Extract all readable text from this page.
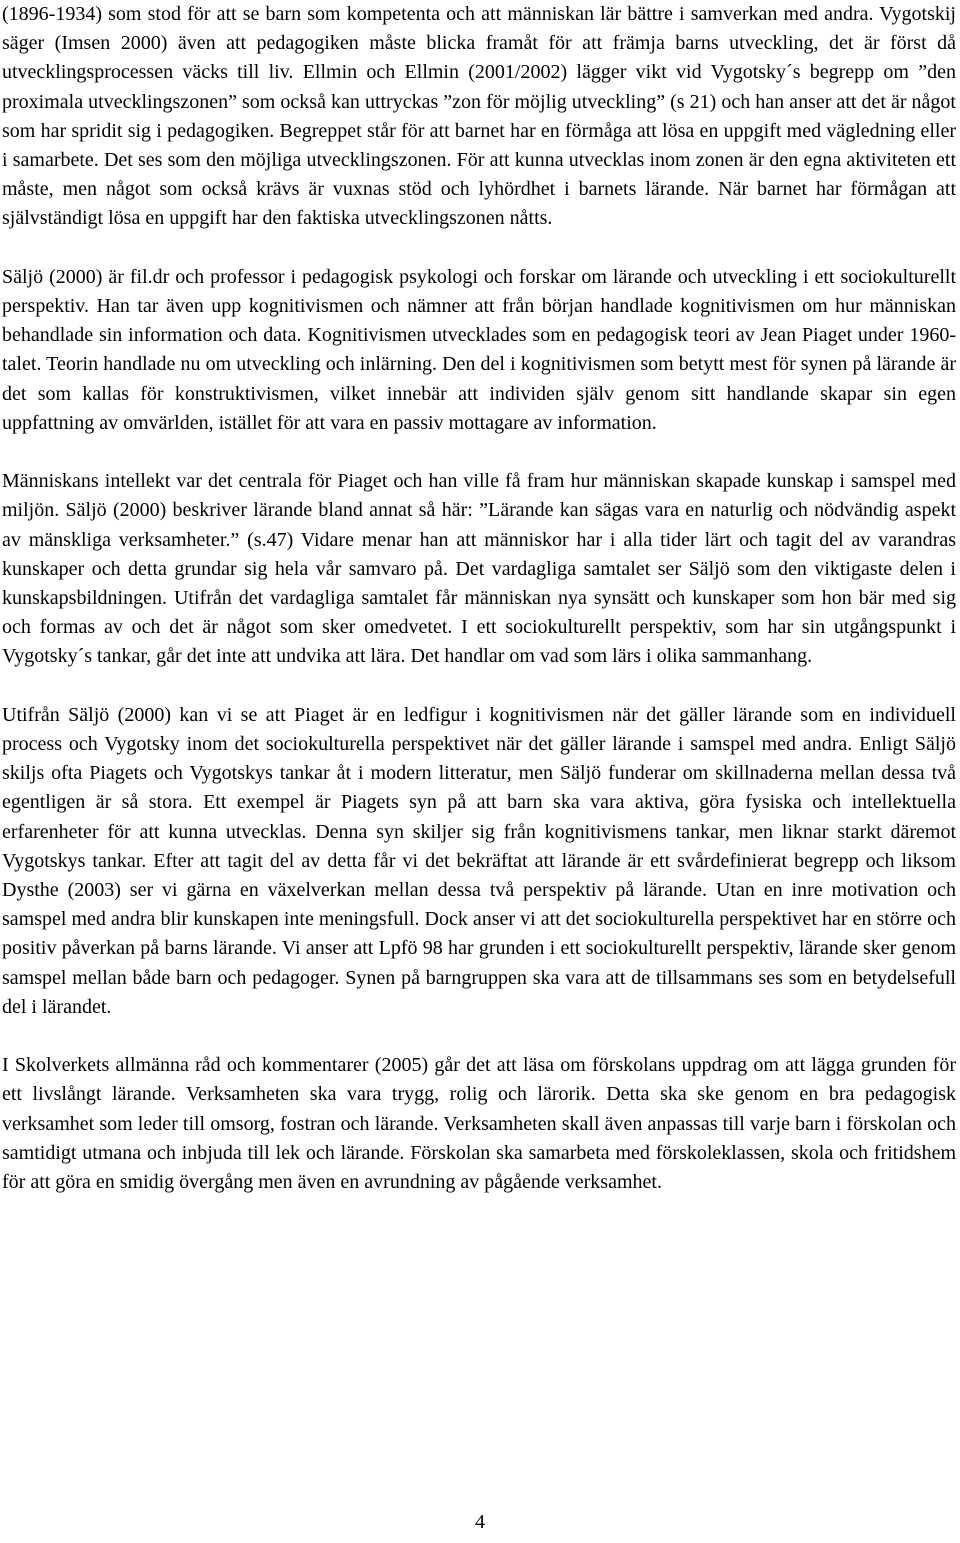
(1896-1934) som stod för att se barn som kompetenta och att människan lär bättre i samverkan med andra. Vygotskij säger (Imsen 2000) även att pedagogiken måste blicka framåt för att främja barns utveckling, det är först då utvecklingsprocessen väcks till liv. Ellmin och Ellmin (2001/2002) lägger vikt vid Vygotsky´s begrepp om ”den proximala utvecklingszonen” som också kan uttryckas ”zon för möjlig utveckling” (s 21) och han anser att det är något som har spridit sig i pedagogiken. Begreppet står för att barnet har en förmåga att lösa en uppgift med vägledning eller i samarbete. Det ses som den möjliga utvecklingszonen. För att kunna utvecklas inom zonen är den egna aktiviteten ett måste, men något som också krävs är vuxnas stöd och lyhördhet i barnets lärande. När barnet har förmågan att självständigt lösa en uppgift har den faktiska utvecklingszonen nåtts.

Säljö (2000) är fil.dr och professor i pedagogisk psykologi och forskar om lärande och utveckling i ett sociokulturellt perspektiv. Han tar även upp kognitivismen och nämner att från början handlade kognitivismen om hur människan behandlade sin information och data. Kognitivismen utvecklades som en pedagogisk teori av Jean Piaget under 1960-talet. Teorin handlade nu om utveckling och inlärning. Den del i kognitivismen som betytt mest för synen på lärande är det som kallas för konstruktivismen, vilket innebär att individen själv genom sitt handlande skapar sin egen uppfattning av omvärlden, istället för att vara en passiv mottagare av information.

Människans intellekt var det centrala för Piaget och han ville få fram hur människan skapade kunskap i samspel med miljön. Säljö (2000) beskriver lärande bland annat så här: ”Lärande kan sägas vara en naturlig och nödvändig aspekt av mänskliga verksamheter.” (s.47) Vidare menar han att människor har i alla tider lärt och tagit del av varandras kunskaper och detta grundar sig hela vår samvaro på. Det vardagliga samtalet ser Säljö som den viktigaste delen i kunskapsbildningen. Utifrån det vardagliga samtalet får människan nya synsätt och kunskaper som hon bär med sig och formas av och det är något som sker omedvetet. I ett sociokulturellt perspektiv, som har sin utgångspunkt i Vygotsky´s tankar, går det inte att undvika att lära. Det handlar om vad som lärs i olika sammanhang.

Utifrån Säljö (2000) kan vi se att Piaget är en ledfigur i kognitivismen när det gäller lärande som en individuell process och Vygotsky inom det sociokulturella perspektivet när det gäller lärande i samspel med andra. Enligt Säljö skiljs ofta Piagets och Vygotskys tankar åt i modern litteratur, men Säljö funderar om skillnaderna mellan dessa två egentligen är så stora. Ett exempel är Piagets syn på att barn ska vara aktiva, göra fysiska och intellektuella erfarenheter för att kunna utvecklas. Denna syn skiljer sig från kognitivismens tankar, men liknar starkt däremot Vygotskys tankar. Efter att tagit del av detta får vi det bekräftat att lärande är ett svårdefinierat begrepp och liksom Dysthe (2003) ser vi gärna en växelverkan mellan dessa två perspektiv på lärande. Utan en inre motivation och samspel med andra blir kunskapen inte meningsfull. Dock anser vi att det sociokulturella perspektivet har en större och positiv påverkan på barns lärande. Vi anser att Lpfö 98 har grunden i ett sociokulturellt perspektiv, lärande sker genom samspel mellan både barn och pedagoger. Synen på barngruppen ska vara att de tillsammans ses som en betydelsefull del i lärandet.

I Skolverkets allmänna råd och kommentarer (2005) går det att läsa om förskolans uppdrag om att lägga grunden för ett livslångt lärande. Verksamheten ska vara trygg, rolig och lärorik. Detta ska ske genom en bra pedagogisk verksamhet som leder till omsorg, fostran och lärande. Verksamheten skall även anpassas till varje barn i förskolan och samtidigt utmana och inbjuda till lek och lärande. Förskolan ska samarbeta med förskoleklassen, skola och fritidshem för att göra en smidig övergång men även en avrundning av pågående verksamhet.

4
